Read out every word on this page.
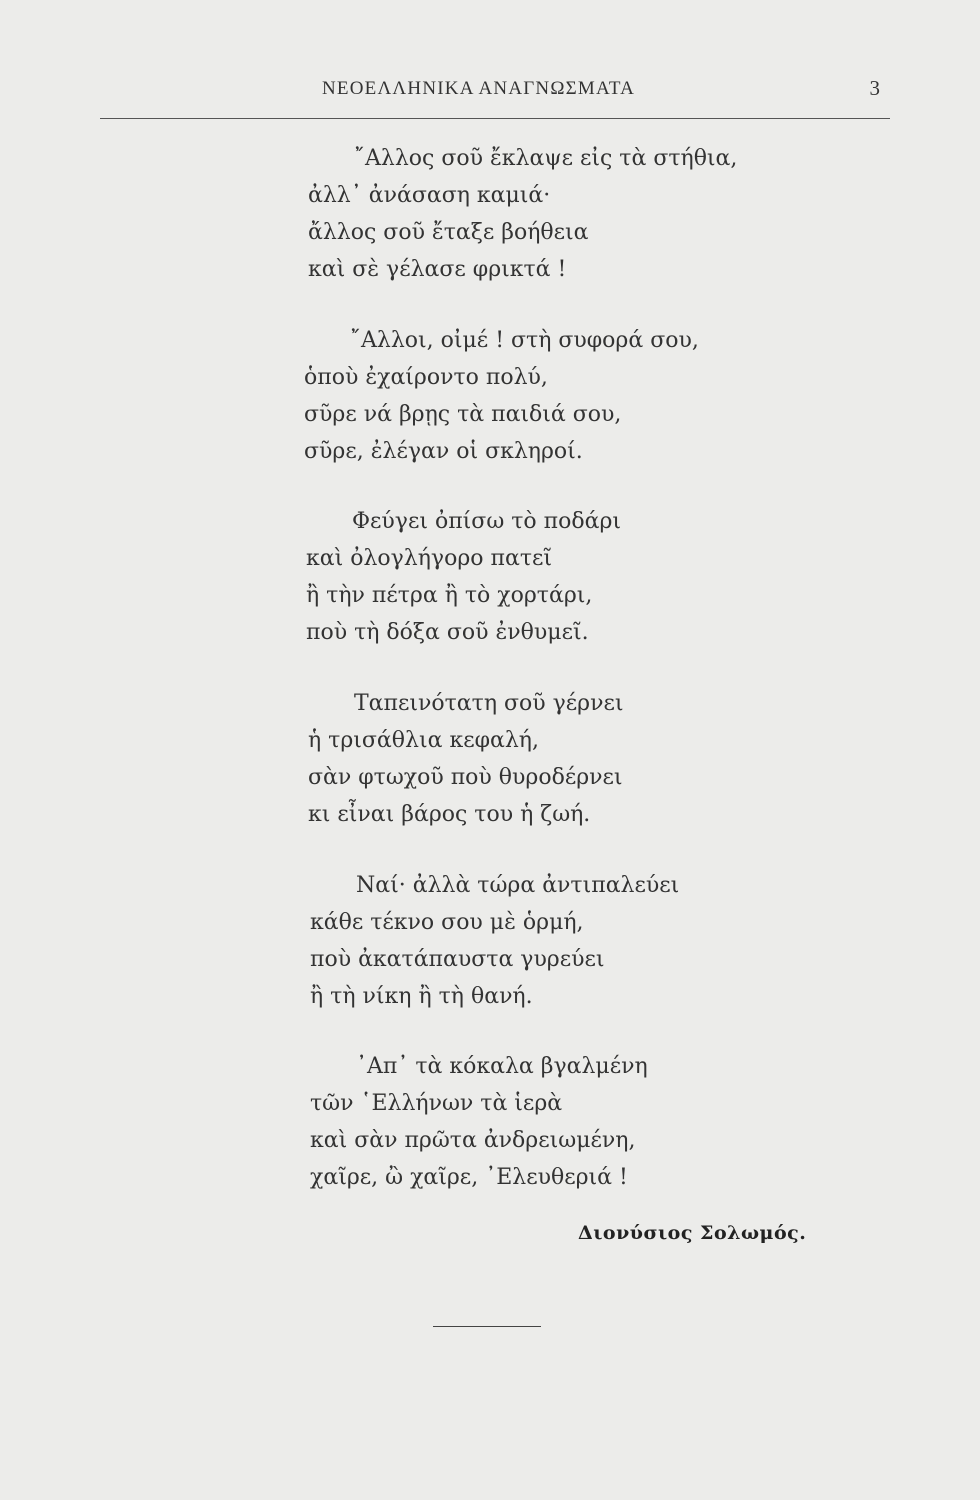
ΝΕΟΕΛΛΗΝΙΚΑ ΑΝΑΓΝΩΣΜΑΤΑ	3
῎Αλλος σοῦ ἔκλαψε εἰς τὰ στήθια,
ἀλλ᾽ ἀνάσαση καμιά·
ἄλλος σοῦ ἔταξε βοήθεια
καὶ σὲ γέλασε φρικτά !
῎Αλλοι, οἰμέ ! στὴ συφορά σου,
ὁποὺ ἐχαίροντο πολύ,
σῦρε νά βρῃς τὰ παιδιά σου,
σῦρε, ἐλέγαν οἱ σκληροί.
Φεύγει ὀπίσω τὸ ποδάρι
καὶ ὀλογλήγορο πατεῖ
ἢ τὴν πέτρα ἢ τὸ χορτάρι,
ποὺ τὴ δόξα σοῦ ἐνθυμεῖ.
Ταπεινότατη σοῦ γέρνει
ἡ τρισάθλια κεφαλή,
σὰν φτωχοῦ ποὺ θυροδέρνει
κι εἶναι βάρος του ἡ ζωή.
Ναί· ἀλλὰ τώρα ἀντιπαλεύει
κάθε τέκνο σου μὲ ὁρμή,
ποὺ ἀκατάπαυστα γυρεύει
ἢ τὴ νίκη ἢ τὴ θανή.
᾽Απ᾽ τὰ κόκαλα βγαλμένη
τῶν ῾Ελλήνων τὰ ἱερὰ
καὶ σὰν πρῶτα ἀνδρειωμένη,
χαῖρε, ὢ χαῖρε, ᾽Ελευθεριά !
Διονύσιος Σολωμός.
